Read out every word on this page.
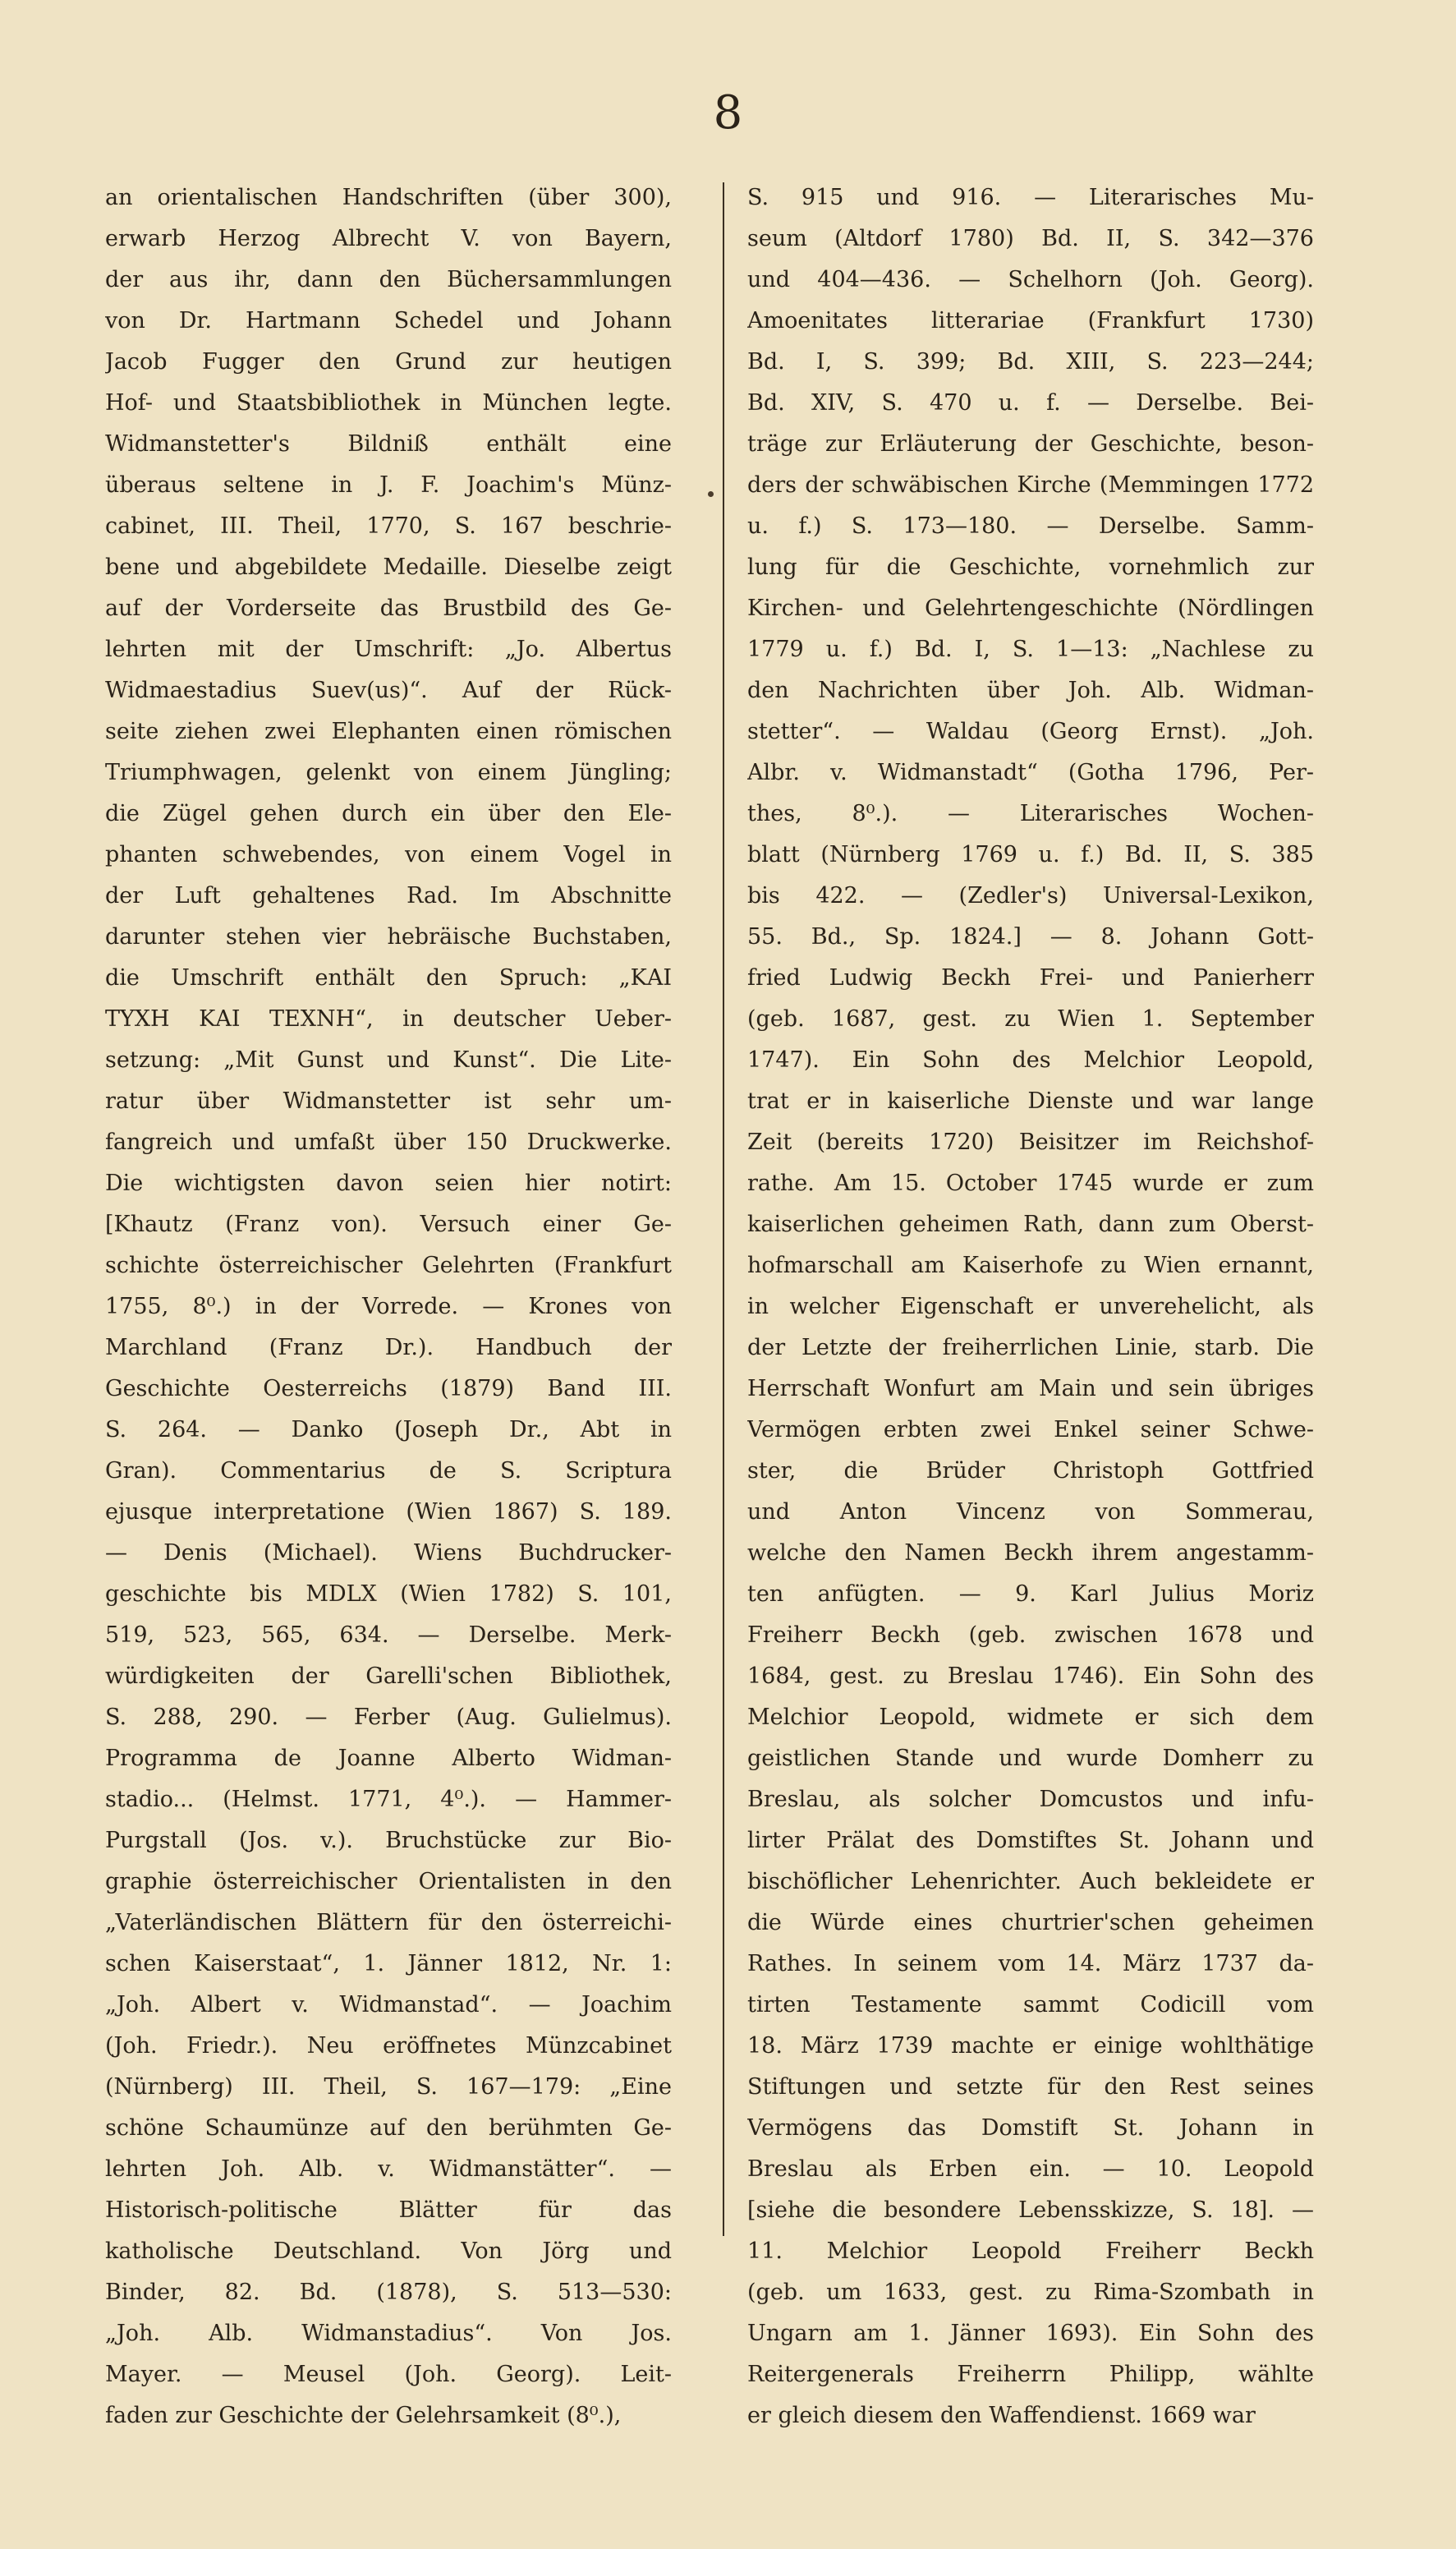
8
an orientalischen Handschriften (über 300),
erwarb Herzog Albrecht V. von Bayern,
der aus ihr, dann den Büchersammlungen
von Dr. Hartmann Schedel und Johann
Jacob Fugger den Grund zur heutigen
Hof- und Staatsbibliothek in München legte.
Widmanstetter's Bildniß enthält eine
überaus seltene in J. F. Joachim's Münz-
cabinet, III. Theil, 1770, S. 167 beschrie-
bene und abgebildete Medaille. Dieselbe zeigt
auf der Vorderseite das Brustbild des Ge-
lehrten mit der Umschrift: „Jo. Albertus
Widmaestadius Suev(us)“. Auf der Rück-
seite ziehen zwei Elephanten einen römischen
Triumphwagen, gelenkt von einem Jüngling;
die Zügel gehen durch ein über den Ele-
phanten schwebendes, von einem Vogel in
der Luft gehaltenes Rad. Im Abschnitte
darunter stehen vier hebräische Buchstaben,
die Umschrift enthält den Spruch: „ΚΑΙ
ΤΥΧΗ ΚΑΙ ΤΕΧΝΗ“, in deutscher Ueber-
setzung: „Mit Gunst und Kunst“. Die Lite-
ratur über Widmanstetter ist sehr um-
fangreich und umfaßt über 150 Druckwerke.
Die wichtigsten davon seien hier notirt:
[Khautz (Franz von). Versuch einer Ge-
schichte österreichischer Gelehrten (Frankfurt
1755, 8⁰.) in der Vorrede. — Krones von
Marchland (Franz Dr.). Handbuch der
Geschichte Oesterreichs (1879) Band III.
S. 264. — Danko (Joseph Dr., Abt in
Gran). Commentarius de S. Scriptura
ejusque interpretatione (Wien 1867) S. 189.
— Denis (Michael). Wiens Buchdrucker-
geschichte bis MDLX (Wien 1782) S. 101,
519, 523, 565, 634. — Derselbe. Merk-
würdigkeiten der Garelli'schen Bibliothek,
S. 288, 290. — Ferber (Aug. Gulielmus).
Programma de Joanne Alberto Widman-
stadio... (Helmst. 1771, 4⁰.). — Hammer-
Purgstall (Jos. v.). Bruchstücke zur Bio-
graphie österreichischer Orientalisten in den
„Vaterländischen Blättern für den österreichi-
schen Kaiserstaat“, 1. Jänner 1812, Nr. 1:
„Joh. Albert v. Widmanstad“. — Joachim
(Joh. Friedr.). Neu eröffnetes Münzcabinet
(Nürnberg) III. Theil, S. 167—179: „Eine
schöne Schaumünze auf den berühmten Ge-
lehrten Joh. Alb. v. Widmanstätter“. —
Historisch-politische Blätter für das
katholische Deutschland. Von Jörg und
Binder, 82. Bd. (1878), S. 513—530:
„Joh. Alb. Widmanstadius“. Von Jos.
Mayer. — Meusel (Joh. Georg). Leit-
faden zur Geschichte der Gelehrsamkeit (8⁰.),
S. 915 und 916. — Literarisches Mu-
seum (Altdorf 1780) Bd. II, S. 342—376
und 404—436. — Schelhorn (Joh. Georg).
Amoenitates litterariae (Frankfurt 1730)
Bd. I, S. 399; Bd. XIII, S. 223—244;
Bd. XIV, S. 470 u. f. — Derselbe. Bei-
träge zur Erläuterung der Geschichte, beson-
ders der schwäbischen Kirche (Memmingen 1772
u. f.) S. 173—180. — Derselbe. Samm-
lung für die Geschichte, vornehmlich zur
Kirchen- und Gelehrtengeschichte (Nördlingen
1779 u. f.) Bd. I, S. 1—13: „Nachlese zu
den Nachrichten über Joh. Alb. Widman-
stetter“. — Waldau (Georg Ernst). „Joh.
Albr. v. Widmanstadt“ (Gotha 1796, Per-
thes, 8⁰.). — Literarisches Wochen-
blatt (Nürnberg 1769 u. f.) Bd. II, S. 385
bis 422. — (Zedler's) Universal-Lexikon,
55. Bd., Sp. 1824.] — 8. Johann Gott-
fried Ludwig Beckh Frei- und Panierherr
(geb. 1687, gest. zu Wien 1. September
1747). Ein Sohn des Melchior Leopold,
trat er in kaiserliche Dienste und war lange
Zeit (bereits 1720) Beisitzer im Reichshof-
rathe. Am 15. October 1745 wurde er zum
kaiserlichen geheimen Rath, dann zum Oberst-
hofmarschall am Kaiserhofe zu Wien ernannt,
in welcher Eigenschaft er unverehelicht, als
der Letzte der freiherrlichen Linie, starb. Die
Herrschaft Wonfurt am Main und sein übriges
Vermögen erbten zwei Enkel seiner Schwe-
ster, die Brüder Christoph Gottfried
und Anton Vincenz von Sommerau,
welche den Namen Beckh ihrem angestamm-
ten anfügten. — 9. Karl Julius Moriz
Freiherr Beckh (geb. zwischen 1678 und
1684, gest. zu Breslau 1746). Ein Sohn des
Melchior Leopold, widmete er sich dem
geistlichen Stande und wurde Domherr zu
Breslau, als solcher Domcustos und infu-
lirter Prälat des Domstiftes St. Johann und
bischöflicher Lehenrichter. Auch bekleidete er
die Würde eines churtrier'schen geheimen
Rathes. In seinem vom 14. März 1737 da-
tirten Testamente sammt Codicill vom
18. März 1739 machte er einige wohlthätige
Stiftungen und setzte für den Rest seines
Vermögens das Domstift St. Johann in
Breslau als Erben ein. — 10. Leopold
[siehe die besondere Lebensskizze, S. 18]. —
11. Melchior Leopold Freiherr Beckh
(geb. um 1633, gest. zu Rima-Szombath in
Ungarn am 1. Jänner 1693). Ein Sohn des
Reitergenerals Freiherrn Philipp, wählte
er gleich diesem den Waffendienst. 1669 war
